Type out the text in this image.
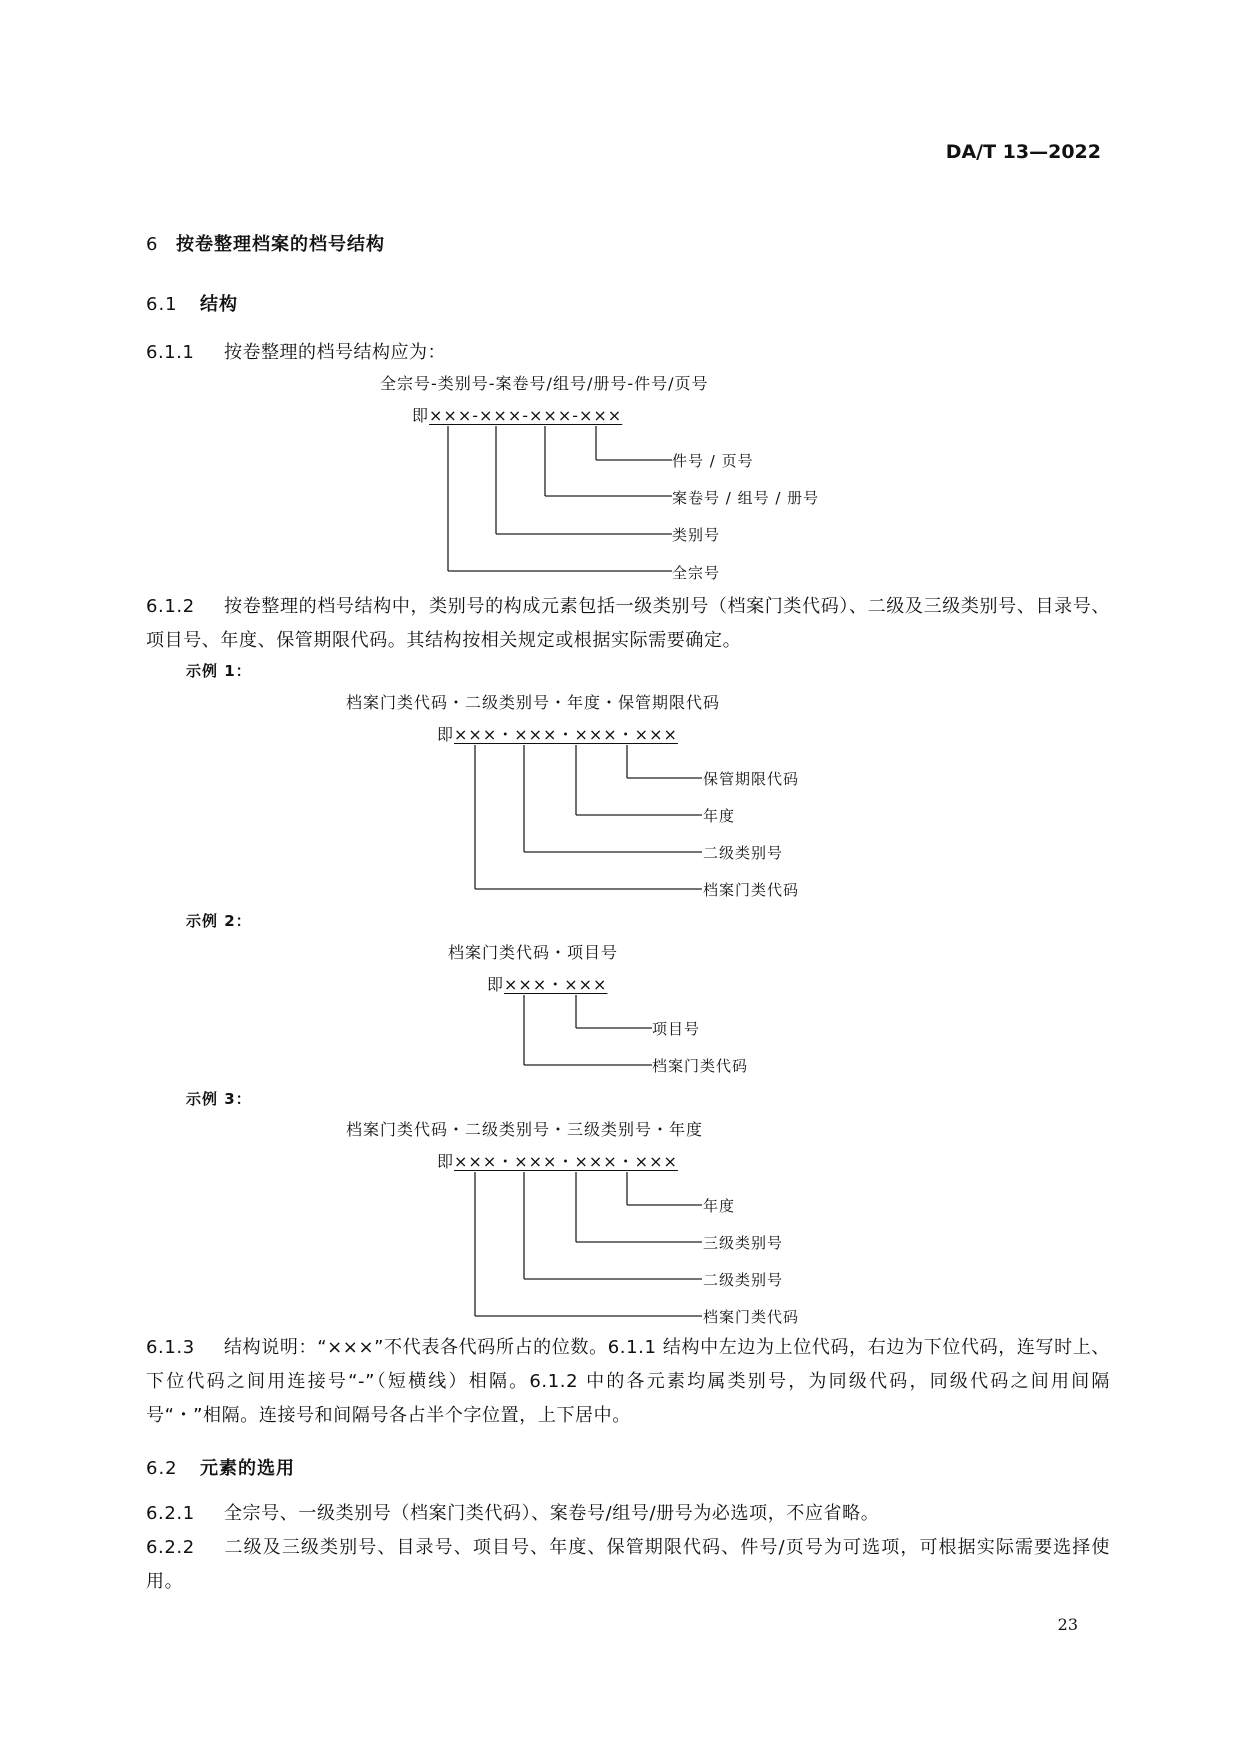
DA/T 13—2022
6 按卷整理档案的档号结构
6.1 结构
6.1.1 按卷整理的档号结构应为：
全宗号-类别号-案卷号/组号/册号-件号/页号
即×××-×××-×××-×××
件号 / 页号
案卷号 / 组号 / 册号
类别号
全宗号
6.1.2 按卷整理的档号结构中，类别号的构成元素包括一级类别号（档案门类代码）、二级及三级类别号、目录号、项目号、年度、保管期限代码。其结构按相关规定或根据实际需要确定。
示例 1：
档案门类代码・二级类别号・年度・保管期限代码
即×××・×××・×××・×××
保管期限代码
年度
二级类别号
档案门类代码
示例 2：
档案门类代码・项目号
即×××・×××
项目号
档案门类代码
示例 3：
档案门类代码・二级类别号・三级类别号・年度
即×××・×××・×××・×××
年度
三级类别号
二级类别号
档案门类代码
6.1.3 结构说明：“×××”不代表各代码所占的位数。6.1.1 结构中左边为上位代码，右边为下位代码，连写时上、下位代码之间用连接号“-”（短横线）相隔。6.1.2 中的各元素均属类别号，为同级代码，同级代码之间用间隔号“・”相隔。连接号和间隔号各占半个字位置，上下居中。
6.2 元素的选用
6.2.1 全宗号、一级类别号（档案门类代码）、案卷号/组号/册号为必选项，不应省略。
6.2.2 二级及三级类别号、目录号、项目号、年度、保管期限代码、件号/页号为可选项，可根据实际需要选择使用。
23
